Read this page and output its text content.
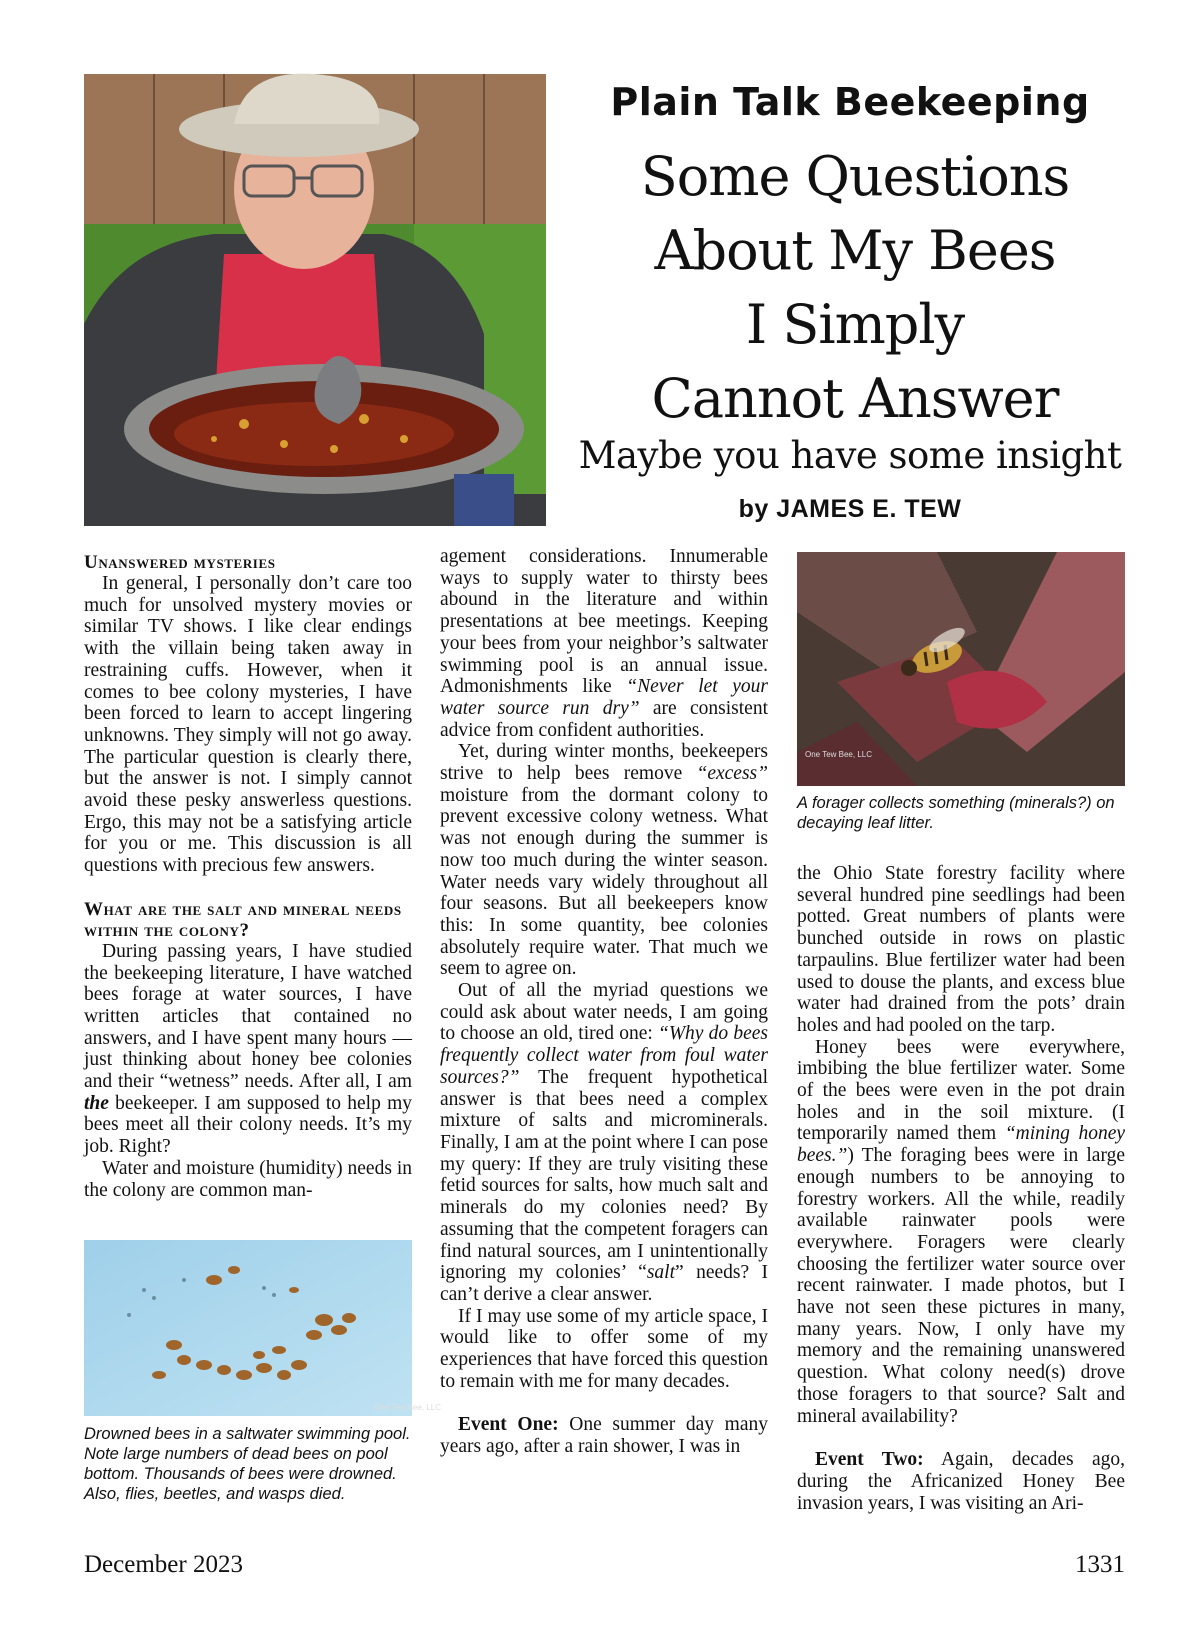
Plain Talk Beekeeping
Some Questions
About My Bees
I Simply
Cannot Answer
Maybe you have some insight
by JAMES E. TEW
Unanswered mysteries

In general, I personally don’t care too much for unsolved mystery movies or similar TV shows. I like clear endings with the villain being taken away in restraining cuffs. However, when it comes to bee colony mysteries, I have been forced to learn to accept lingering unknowns. They simply will not go away. The particular question is clearly there, but the answer is not. I simply cannot avoid these pesky answerless questions. Ergo, this may not be a satisfying article for you or me. This discussion is all questions with precious few answers.

What are the salt and mineral needs within the colony?

During passing years, I have studied the beekeeping literature, I have watched bees forage at water sources, I have written articles that contained no answers, and I have spent many hours — just thinking about honey bee colonies and their “wetness” needs. After all, I am the beekeeper. I am supposed to help my bees meet all their colony needs. It’s my job. Right?

Water and moisture (humidity) needs in the colony are common man-

One Tew Bee, LLC
Drowned bees in a saltwater swimming pool. Note large numbers of dead bees on pool bottom. Thousands of bees were drowned. Also, flies, beetles, and wasps died.

agement considerations. Innumerable ways to supply water to thirsty bees abound in the literature and within presentations at bee meetings. Keeping your bees from your neighbor’s saltwater swimming pool is an annual issue. Admonishments like “Never let your water source run dry” are consistent advice from confident authorities.

Yet, during winter months, beekeepers strive to help bees remove “excess” moisture from the dormant colony to prevent excessive colony wetness. What was not enough during the summer is now too much during the winter season. Water needs vary widely throughout all four seasons. But all beekeepers know this: In some quantity, bee colonies absolutely require water. That much we seem to agree on.

Out of all the myriad questions we could ask about water needs, I am going to choose an old, tired one: “Why do bees frequently collect water from foul water sources?” The frequent hypothetical answer is that bees need a complex mixture of salts and microminerals. Finally, I am at the point where I can pose my query: If they are truly visiting these fetid sources for salts, how much salt and minerals do my colonies need? By assuming that the competent foragers can find natural sources, am I unintentionally ignoring my colonies’ “salt” needs? I can’t derive a clear answer.

If I may use some of my article space, I would like to offer some of my experiences that have forced this question to remain with me for many decades.

Event One: One summer day many years ago, after a rain shower, I was in

One Tew Bee, LLC
A forager collects something (minerals?) on decaying leaf litter.

the Ohio State forestry facility where several hundred pine seedlings had been potted. Great numbers of plants were bunched outside in rows on plastic tarpaulins. Blue fertilizer water had been used to douse the plants, and excess blue water had drained from the pots’ drain holes and had pooled on the tarp.

Honey bees were everywhere, imbibing the blue fertilizer water. Some of the bees were even in the pot drain holes and in the soil mixture. (I temporarily named them “mining honey bees.”) The foraging bees were in large enough numbers to be annoying to forestry workers. All the while, readily available rainwater pools were everywhere. Foragers were clearly choosing the fertilizer water source over recent rainwater. I made photos, but I have not seen these pictures in many, many years. Now, I only have my memory and the remaining unanswered question. What colony need(s) drove those foragers to that source? Salt and mineral availability?

Event Two: Again, decades ago, during the Africanized Honey Bee invasion years, I was visiting an Ari-

December 2023	1331
